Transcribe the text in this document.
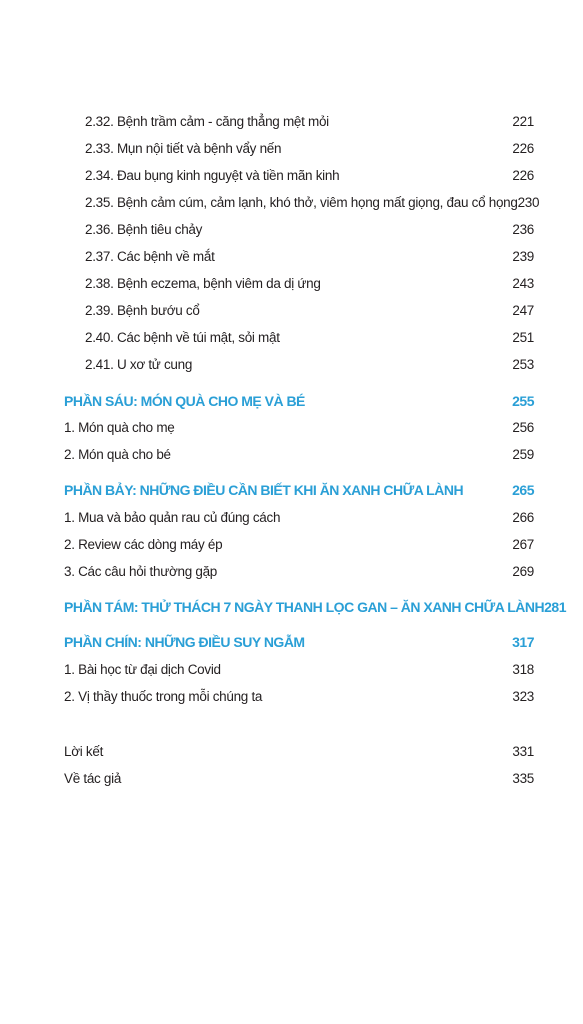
2.32. Bệnh trầm cảm - căng thẳng mệt mỏi	221
2.33. Mụn nội tiết và bệnh vẩy nến	226
2.34. Đau bụng kinh nguyệt và tiền mãn kinh	226
2.35. Bệnh cảm cúm, cảm lạnh, khó thở, viêm họng mất giọng, đau cổ họng 230
2.36. Bệnh tiêu chảy	236
2.37. Các bệnh về mắt	239
2.38. Bệnh eczema, bệnh viêm da dị ứng	243
2.39. Bệnh bướu cổ	247
2.40. Các bệnh về túi mật, sỏi mật	251
2.41. U xơ tử cung	253
PHẦN SÁU: MÓN QUÀ CHO MẸ VÀ BÉ	255
1. Món quà cho mẹ	256
2. Món quà cho bé	259
PHẦN BẢY: NHỮNG ĐIỀU CẦN BIẾT KHI ĂN XANH CHỮA LÀNH	265
1. Mua và bảo quản rau củ đúng cách	266
2. Review các dòng máy ép	267
3. Các câu hỏi thường gặp	269
PHẦN TÁM: THỬ THÁCH 7 NGÀY THANH LỌC GAN – ĂN XANH CHỮA LÀNH 281
PHẦN CHÍN: NHỮNG ĐIỀU SUY NGẪM	317
1. Bài học từ đại dịch Covid	318
2. Vị thầy thuốc trong mỗi chúng ta	323
Lời kết	331
Về tác giả	335
